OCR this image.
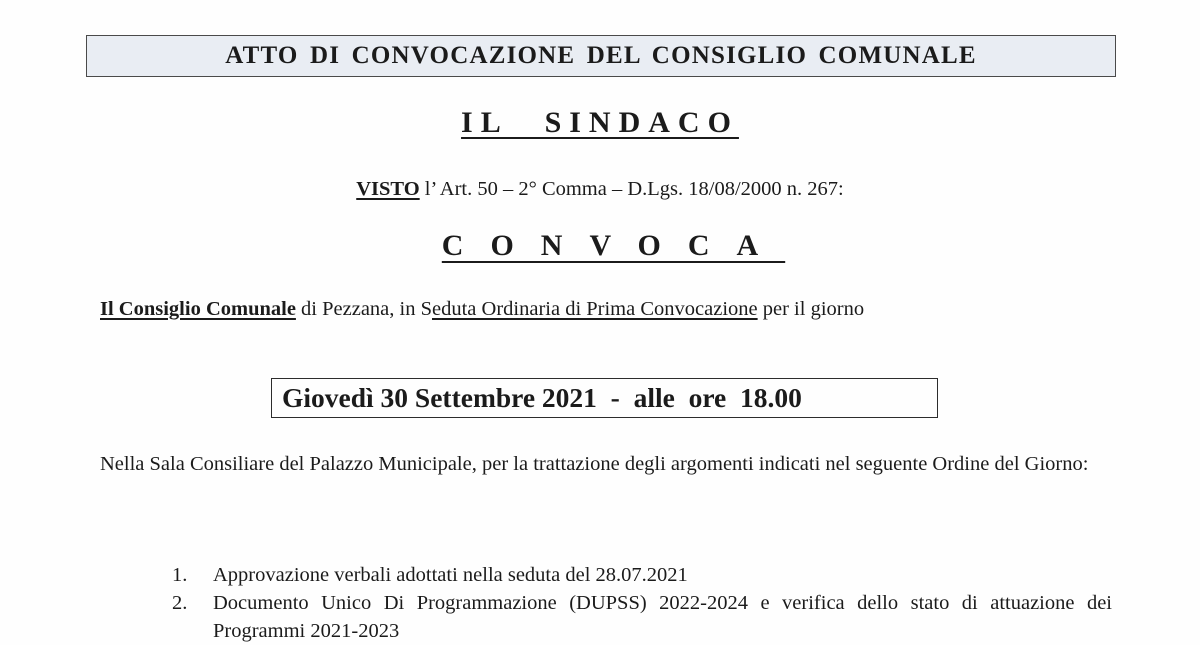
ATTO DI CONVOCAZIONE DEL CONSIGLIO COMUNALE
IL SINDACO
VISTO l’ Art. 50 – 2° Comma – D.Lgs. 18/08/2000 n. 267:
CONVOCA
Il Consiglio Comunale di Pezzana, in Seduta Ordinaria di Prima Convocazione per il giorno
Giovedì 30 Settembre 2021  -  alle  ore  18.00
Nella Sala Consiliare del Palazzo Municipale, per la trattazione degli argomenti indicati nel seguente Ordine del Giorno:
1. Approvazione verbali adottati nella seduta del 28.07.2021
2. Documento Unico Di Programmazione (DUPSS) 2022-2024 e verifica dello stato di attuazione dei Programmi 2021-2023
